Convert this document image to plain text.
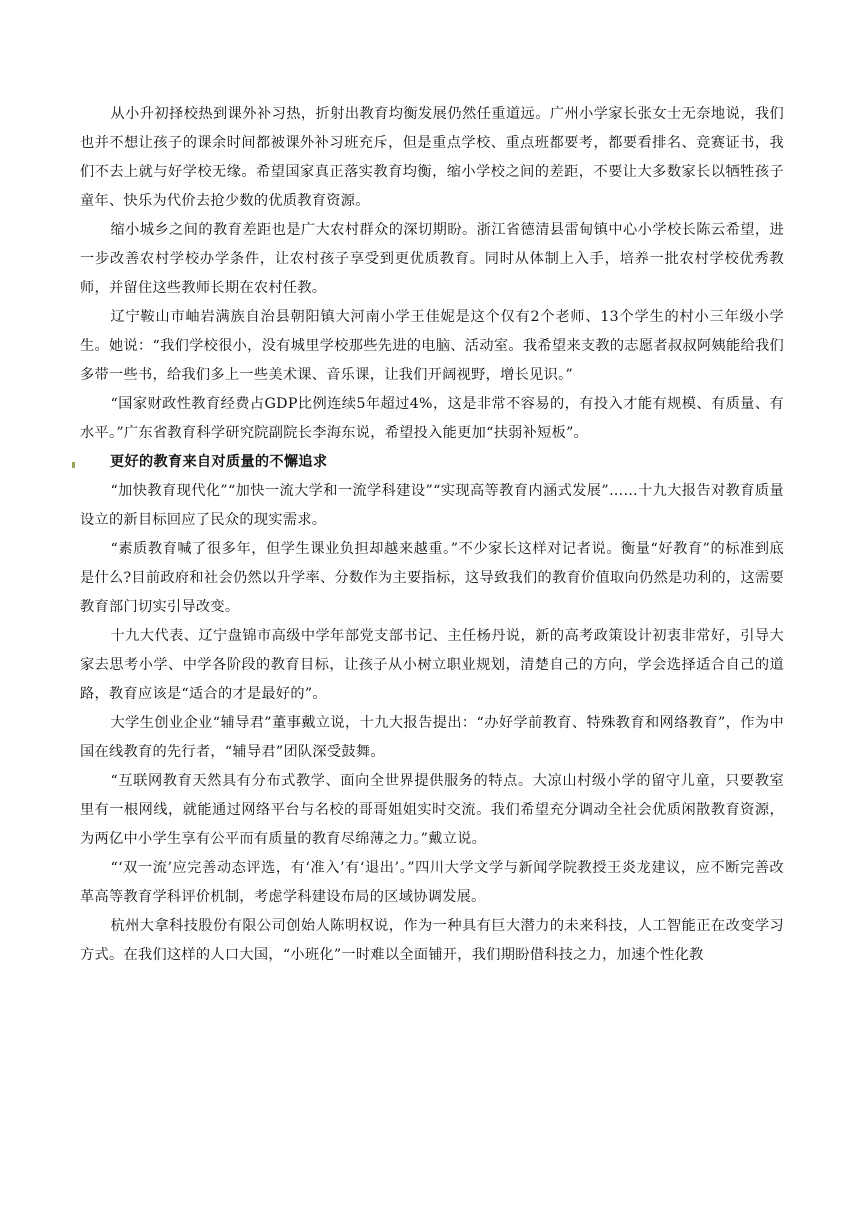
从小升初择校热到课外补习热，折射出教育均衡发展仍然任重道远。广州小学家长张女士无奈地说，我们也并不想让孩子的课余时间都被课外补习班充斥，但是重点学校、重点班都要考，都要看排名、竞赛证书，我们不去上就与好学校无缘。希望国家真正落实教育均衡，缩小学校之间的差距，不要让大多数家长以牺牲孩子童年、快乐为代价去抢少数的优质教育资源。

缩小城乡之间的教育差距也是广大农村群众的深切期盼。浙江省德清县雷甸镇中心小学校长陈云希望，进一步改善农村学校办学条件，让农村孩子享受到更优质教育。同时从体制上入手，培养一批农村学校优秀教师，并留住这些教师长期在农村任教。

辽宁鞍山市岫岩满族自治县朝阳镇大河南小学王佳妮是这个仅有2个老师、13个学生的村小三年级小学生。她说：“我们学校很小，没有城里学校那些先进的电脑、活动室。我希望来支教的志愿者叔叔阿姨能给我们多带一些书，给我们多上一些美术课、音乐课，让我们开阔视野，增长见识。”

“国家财政性教育经费占GDP比例连续5年超过4%，这是非常不容易的，有投入才能有规模、有质量、有水平。”广东省教育科学研究院副院长李海东说，希望投入能更加“扶弱补短板”。

更好的教育来自对质量的不懈追求

“加快教育现代化”“加快一流大学和一流学科建设”“实现高等教育内涵式发展”……十九大报告对教育质量设立的新目标回应了民众的现实需求。

“素质教育喊了很多年，但学生课业负担却越来越重。”不少家长这样对记者说。衡量“好教育”的标准到底是什么?目前政府和社会仍然以升学率、分数作为主要指标，这导致我们的教育价值取向仍然是功利的，这需要教育部门切实引导改变。

十九大代表、辽宁盘锦市高级中学年部党支部书记、主任杨丹说，新的高考政策设计初衷非常好，引导大家去思考小学、中学各阶段的教育目标，让孩子从小树立职业规划，清楚自己的方向，学会选择适合自己的道路，教育应该是“适合的才是最好的”。

大学生创业企业“辅导君”董事戴立说，十九大报告提出：“办好学前教育、特殊教育和网络教育”，作为中国在线教育的先行者，“辅导君”团队深受鼓舞。

“互联网教育天然具有分布式教学、面向全世界提供服务的特点。大凉山村级小学的留守儿童，只要教室里有一根网线，就能通过网络平台与名校的哥哥姐姐实时交流。我们希望充分调动全社会优质闲散教育资源，为两亿中小学生享有公平而有质量的教育尽绵薄之力。”戴立说。

“‘双一流’应完善动态评选，有‘准入’有‘退出’。”四川大学文学与新闻学院教授王炎龙建议，应不断完善改革高等教育学科评价机制，考虑学科建设布局的区域协调发展。

杭州大拿科技股份有限公司创始人陈明权说，作为一种具有巨大潜力的未来科技，人工智能正在改变学习方式。在我们这样的人口大国，“小班化”一时难以全面铺开，我们期盼借科技之力，加速个性化教
